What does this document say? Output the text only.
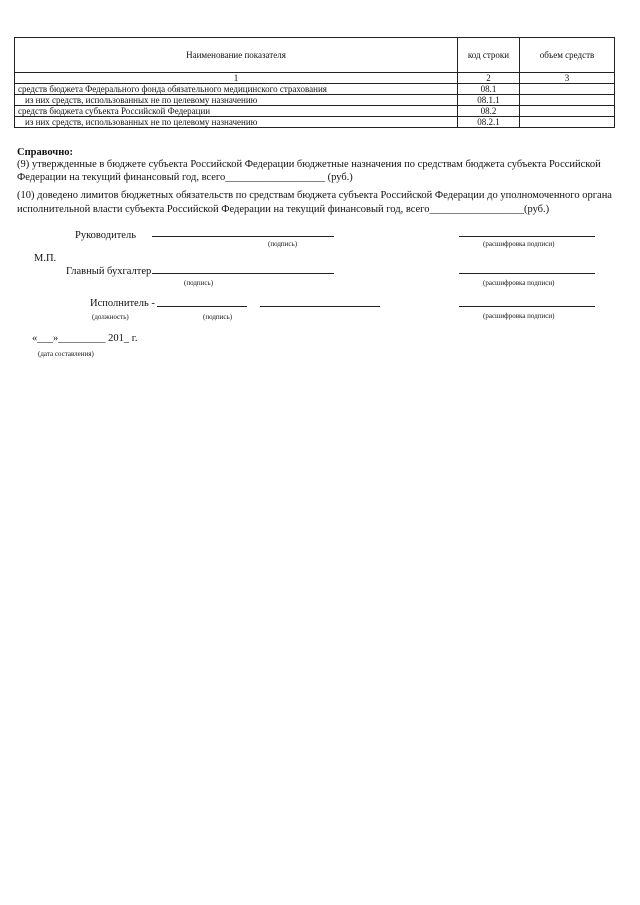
Наименование показателя	код строки	объем средств
1	2	3
средств бюджета Федерального фонда обязательного медицинского страхования	08.1	
из них средств, использованных не по целевому назначению	08.1.1	
средств бюджета субъекта Российской Федерации	08.2	
из них средств, использованных не по целевому назначению	08.2.1	
Справочно:
(9) утвержденные в бюджете субъекта Российской Федерации бюджетные назначения по средствам бюджета субъекта Российской
Федерации на текущий финансовый год, всего___________________ (руб.)
(10) доведено лимитов бюджетных обязательств по средствам бюджета субъекта Российской Федерации до уполномоченного органа
исполнительной власти субъекта Российской Федерации на текущий финансовый год, всего__________________(руб.)
Руководитель
(подпись)	(расшифровка подписи)
М.П.
Главный бухгалтер
(подпись)	(расшифровка подписи)
Исполнитель -
(должность)	(подпись)	(расшифровка подписи)
«___»_________ 201_ г.
(дата составления)
